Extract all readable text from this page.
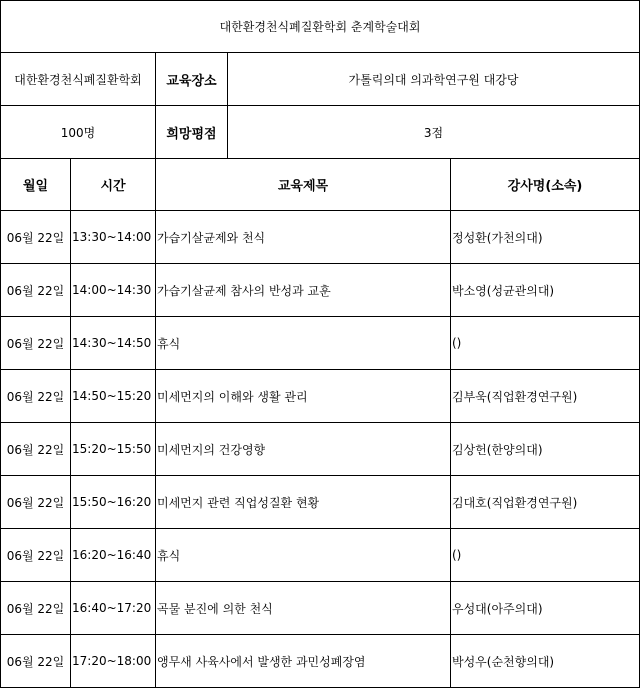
대한환경천식폐질환학회 춘계학술대회				
대한환경천식폐질환학회		교육장소	가톨릭의대 의과학연구원 대강당	
100명		희망평점	3점	
월일	시간	교육제목		강사명(소속)
06월 22일	13:30~14:00	가습기살균제와 천식		정성환(가천의대)
06월 22일	14:00~14:30	가습기살균제 참사의 반성과 교훈		박소영(성균관의대)
06월 22일	14:30~14:50	휴식		()
06월 22일	14:50~15:20	미세먼지의 이해와 생활 관리		김부욱(직업환경연구원)
06월 22일	15:20~15:50	미세먼지의 건강영향		김상헌(한양의대)
06월 22일	15:50~16:20	미세먼지 관련 직업성질환 현황		김대호(직업환경연구원)
06월 22일	16:20~16:40	휴식		()
06월 22일	16:40~17:20	곡물 분진에 의한 천식		우성대(아주의대)
06월 22일	17:20~18:00	앵무새 사육사에서 발생한 과민성폐장염		박성우(순천향의대)
